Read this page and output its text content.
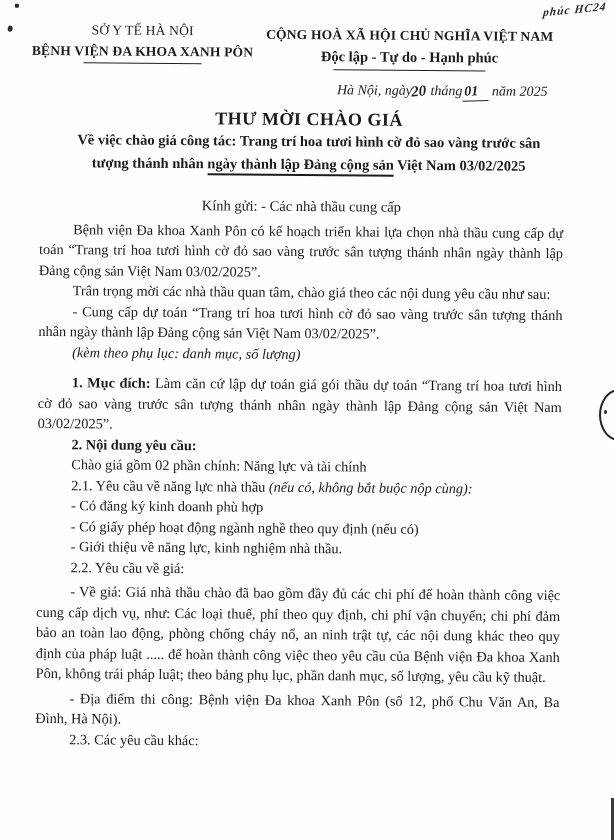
phúc HC24
SỞ Y TẾ HÀ NỘI
BỆNH VIỆN ĐA KHOA XANH PÔN
CỘNG HOÀ XÃ HỘI CHỦ NGHĨA VIỆT NAM
Độc lập - Tự do - Hạnh phúc
Hà Nội, ngày20 tháng 01 năm 2025
THƯ MỜI CHÀO GIÁ
Về việc chào giá công tác: Trang trí hoa tươi hình cờ đỏ sao vàng trước sân
tượng thánh nhân ngày thành lập Đảng cộng sản Việt Nam 03/02/2025

Kính gửi: - Các nhà thầu cung cấp

Bệnh viện Đa khoa Xanh Pôn có kế hoạch triển khai lựa chọn nhà thầu cung cấp dự toán “Trang trí hoa tươi hình cờ đỏ sao vàng trước sân tượng thánh nhân ngày thành lập Đảng cộng sản Việt Nam 03/02/2025”.

Trân trọng mời các nhà thầu quan tâm, chào giá theo các nội dung yêu cầu như sau:

- Cung cấp dự toán “Trang trí hoa tươi hình cờ đỏ sao vàng trước sân tượng thánh nhân ngày thành lập Đảng cộng sản Việt Nam 03/02/2025”.

(kèm theo phụ lục: danh mục, số lượng)

1. Mục đích: Làm căn cứ lập dự toán giá gói thầu dự toán “Trang trí hoa tươi hình cờ đỏ sao vàng trước sân tượng thánh nhân ngày thành lập Đảng cộng sản Việt Nam 03/02/2025”.

2. Nội dung yêu cầu:

Chào giá gồm 02 phần chính: Năng lực và tài chính

2.1. Yêu cầu về năng lực nhà thầu (nếu có, không bắt buộc nộp cùng):

- Có đăng ký kinh doanh phù hợp

- Có giấy phép hoạt động ngành nghề theo quy định (nếu có)

- Giới thiệu về năng lực, kinh nghiệm nhà thầu.

2.2. Yêu cầu về giá:

- Về giá: Giá nhà thầu chào đã bao gồm đầy đủ các chi phí để hoàn thành công việc cung cấp dịch vụ, như: Các loại thuế, phí theo quy định, chi phí vận chuyển; chi phí đảm bảo an toàn lao động, phòng chống cháy nổ, an ninh trật tự, các nội dung khác theo quy định của pháp luật ..... để hoàn thành công việc theo yêu cầu của Bệnh viện Đa khoa Xanh Pôn, không trái pháp luật; theo bảng phụ lục, phần danh mục, số lượng, yêu cầu kỹ thuật.

- Địa điểm thi công: Bệnh viện Đa khoa Xanh Pôn (số 12, phố Chu Văn An, Ba Đình, Hà Nội).

2.3. Các yêu cầu khác:
